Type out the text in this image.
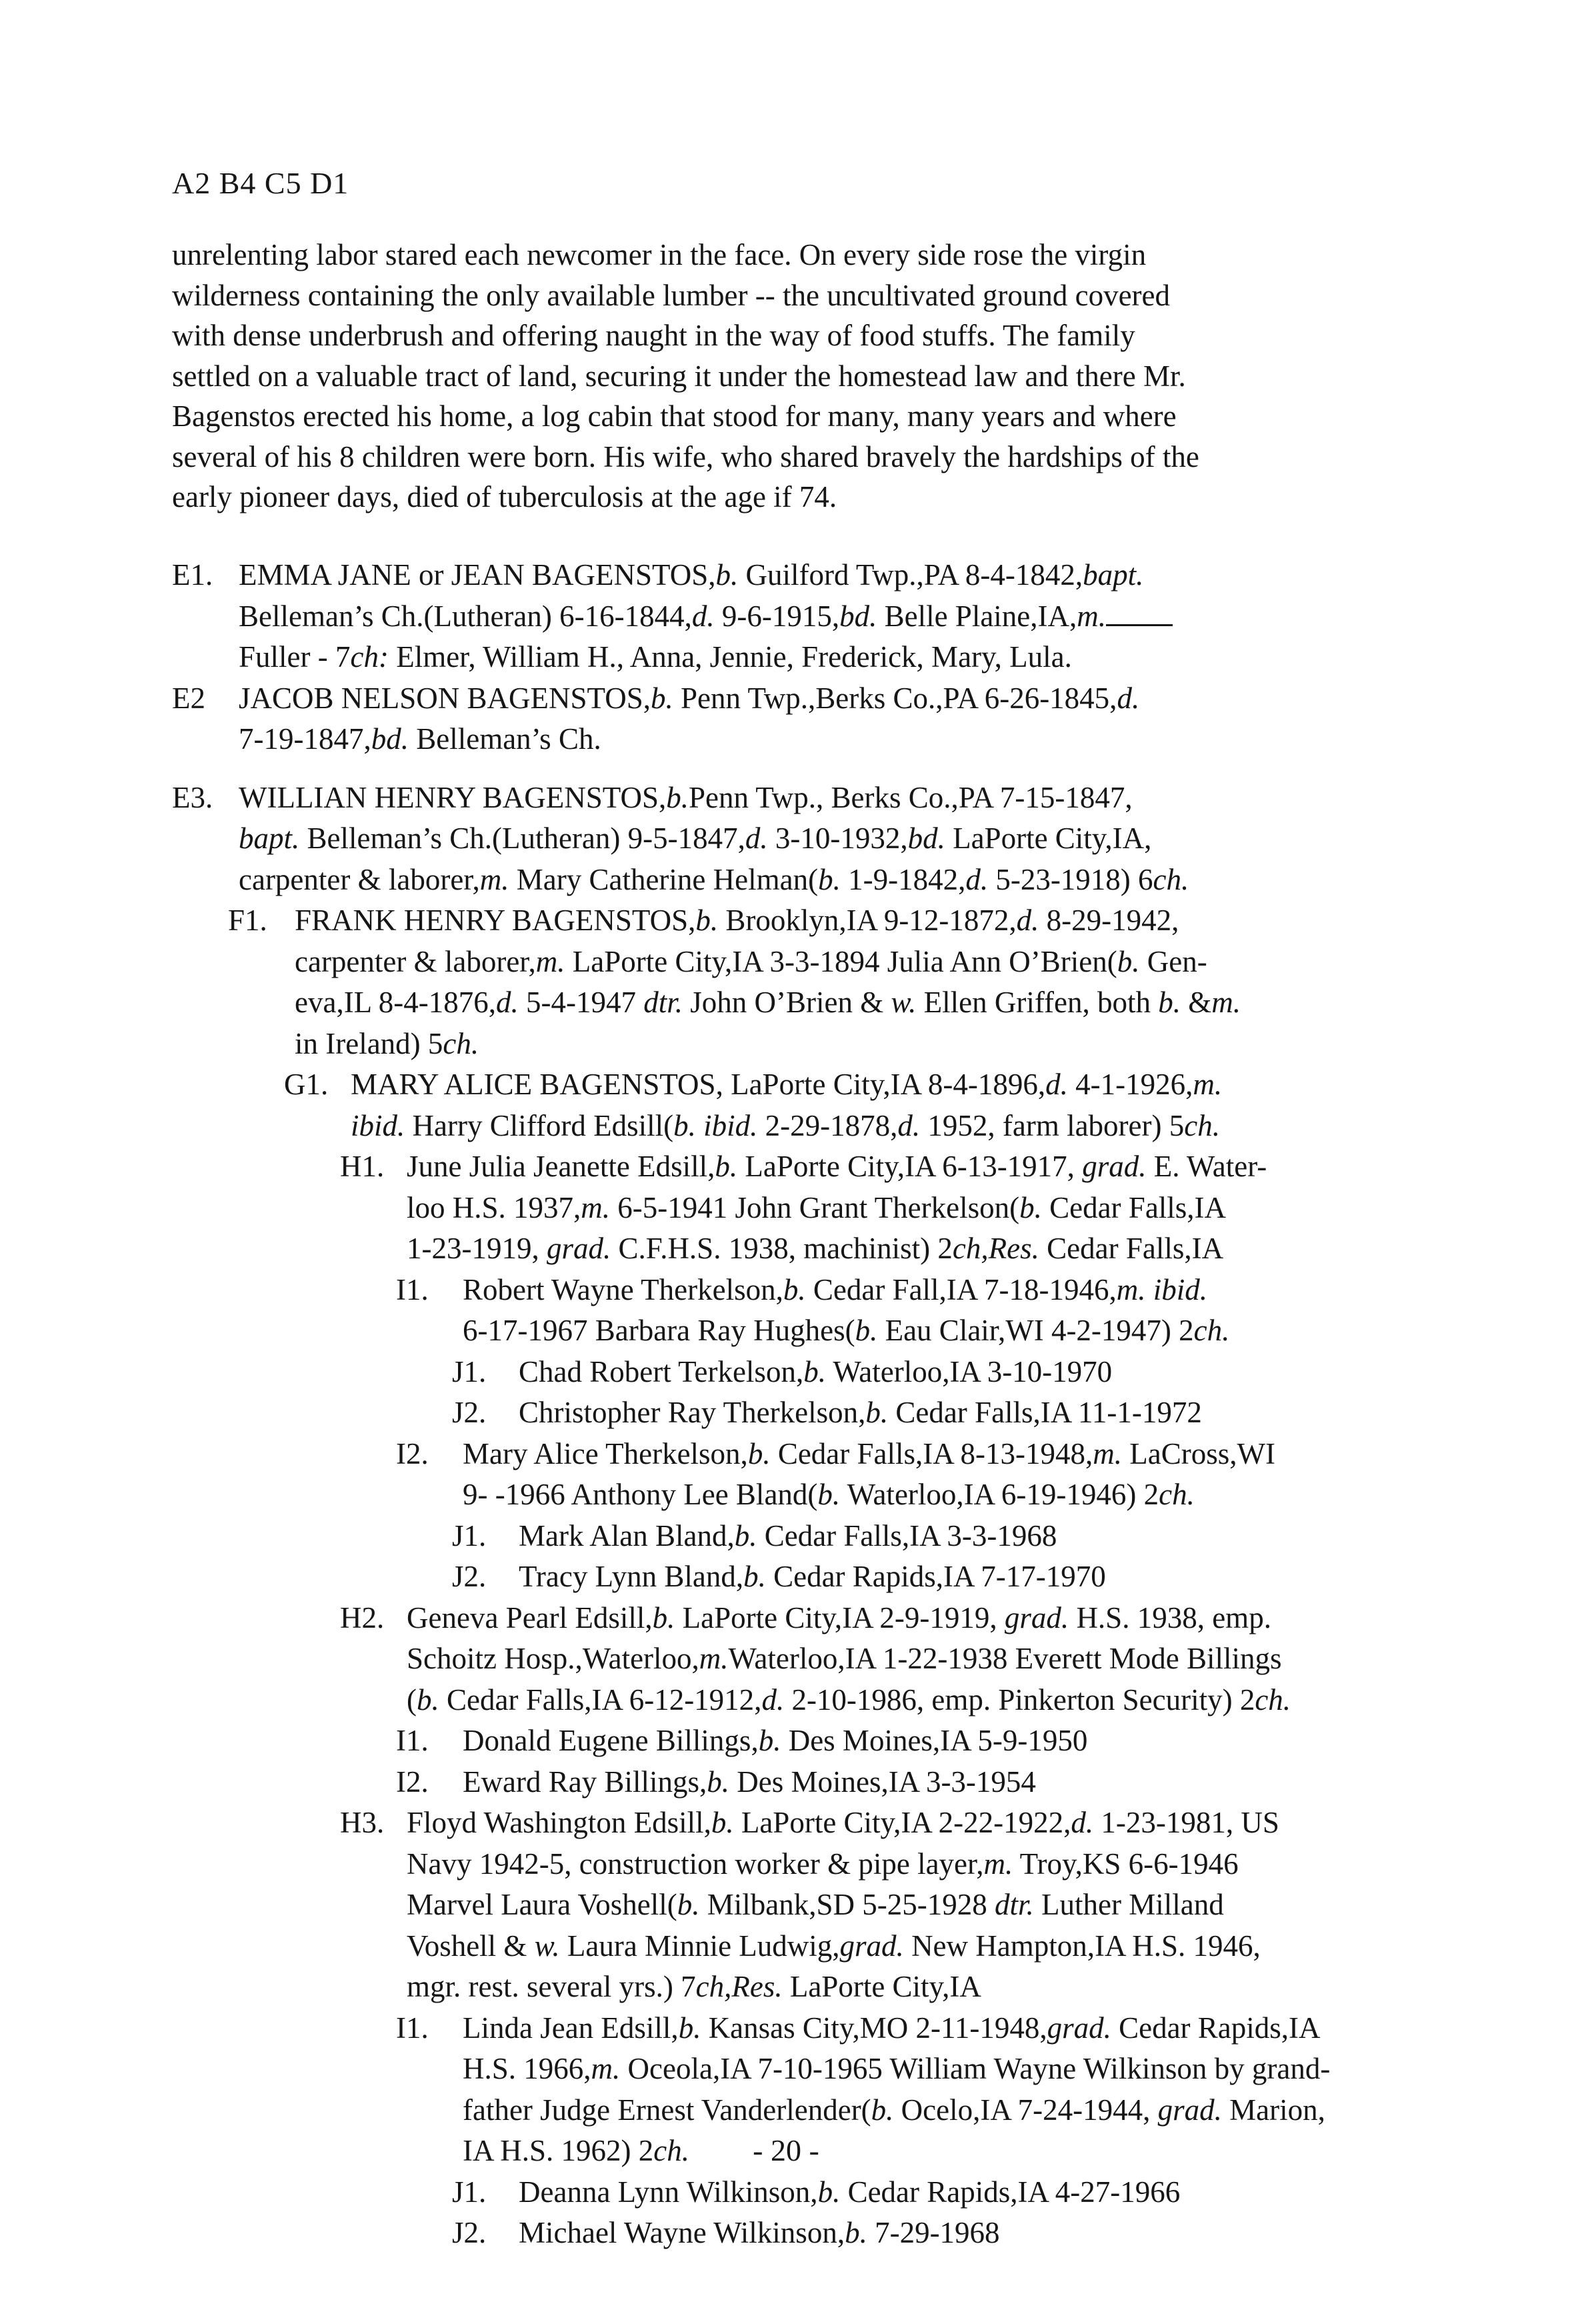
A2 B4 C5 D1
unrelenting labor stared each newcomer in the face. On every side rose the virgin
wilderness containing the only available lumber -- the uncultivated ground covered
with dense underbrush and offering naught in the way of food stuffs. The family
settled on a valuable tract of land, securing it under the homestead law and there Mr.
Bagenstos erected his home, a log cabin that stood for many, many years and where
several of his 8 children were born. His wife, who shared bravely the hardships of the
early pioneer days, died of tuberculosis at the age if 74.
E1. EMMA JANE or JEAN BAGENSTOS,b. Guilford Twp.,PA 8-4-1842,bapt.
Belleman’s Ch.(Lutheran) 6-16-1844,d. 9-6-1915,bd. Belle Plaine,IA,m.
Fuller - 7ch: Elmer, William H., Anna, Jennie, Frederick, Mary, Lula.
E2 JACOB NELSON BAGENSTOS,b. Penn Twp.,Berks Co.,PA 6-26-1845,d.
7-19-1847,bd. Belleman’s Ch.
E3. WILLIAN HENRY BAGENSTOS,b.Penn Twp., Berks Co.,PA 7-15-1847,
bapt. Belleman’s Ch.(Lutheran) 9-5-1847,d. 3-10-1932,bd. LaPorte City,IA,
carpenter & laborer,m. Mary Catherine Helman(b. 1-9-1842,d. 5-23-1918) 6ch.
F1. FRANK HENRY BAGENSTOS,b. Brooklyn,IA 9-12-1872,d. 8-29-1942,
carpenter & laborer,m. LaPorte City,IA 3-3-1894 Julia Ann O’Brien(b. Gen-
eva,IL 8-4-1876,d. 5-4-1947 dtr. John O’Brien & w. Ellen Griffen, both b. &m.
in Ireland) 5ch.
G1. MARY ALICE BAGENSTOS, LaPorte City,IA 8-4-1896,d. 4-1-1926,m.
ibid. Harry Clifford Edsill(b. ibid. 2-29-1878,d. 1952, farm laborer) 5ch.
H1. June Julia Jeanette Edsill,b. LaPorte City,IA 6-13-1917, grad. E. Water-
loo H.S. 1937,m. 6-5-1941 John Grant Therkelson(b. Cedar Falls,IA
1-23-1919, grad. C.F.H.S. 1938, machinist) 2ch,Res. Cedar Falls,IA
I1. Robert Wayne Therkelson,b. Cedar Fall,IA 7-18-1946,m. ibid.
6-17-1967 Barbara Ray Hughes(b. Eau Clair,WI 4-2-1947) 2ch.
J1. Chad Robert Terkelson,b. Waterloo,IA 3-10-1970
J2. Christopher Ray Therkelson,b. Cedar Falls,IA 11-1-1972
I2. Mary Alice Therkelson,b. Cedar Falls,IA 8-13-1948,m. LaCross,WI
9- -1966 Anthony Lee Bland(b. Waterloo,IA 6-19-1946) 2ch.
J1. Mark Alan Bland,b. Cedar Falls,IA 3-3-1968
J2. Tracy Lynn Bland,b. Cedar Rapids,IA 7-17-1970
H2. Geneva Pearl Edsill,b. LaPorte City,IA 2-9-1919, grad. H.S. 1938, emp.
Schoitz Hosp.,Waterloo,m.Waterloo,IA 1-22-1938 Everett Mode Billings
(b. Cedar Falls,IA 6-12-1912,d. 2-10-1986, emp. Pinkerton Security) 2ch.
I1. Donald Eugene Billings,b. Des Moines,IA 5-9-1950
I2. Eward Ray Billings,b. Des Moines,IA 3-3-1954
H3. Floyd Washington Edsill,b. LaPorte City,IA 2-22-1922,d. 1-23-1981, US
Navy 1942-5, construction worker & pipe layer,m. Troy,KS 6-6-1946
Marvel Laura Voshell(b. Milbank,SD 5-25-1928 dtr. Luther Milland
Voshell & w. Laura Minnie Ludwig,grad. New Hampton,IA H.S. 1946,
mgr. rest. several yrs.) 7ch,Res. LaPorte City,IA
I1. Linda Jean Edsill,b. Kansas City,MO 2-11-1948,grad. Cedar Rapids,IA
H.S. 1966,m. Oceola,IA 7-10-1965 William Wayne Wilkinson by grand-
father Judge Ernest Vanderlender(b. Ocelo,IA 7-24-1944, grad. Marion,
IA H.S. 1962) 2ch.
J1. Deanna Lynn Wilkinson,b. Cedar Rapids,IA 4-27-1966
J2. Michael Wayne Wilkinson,b. 7-29-1968
- 20 -
